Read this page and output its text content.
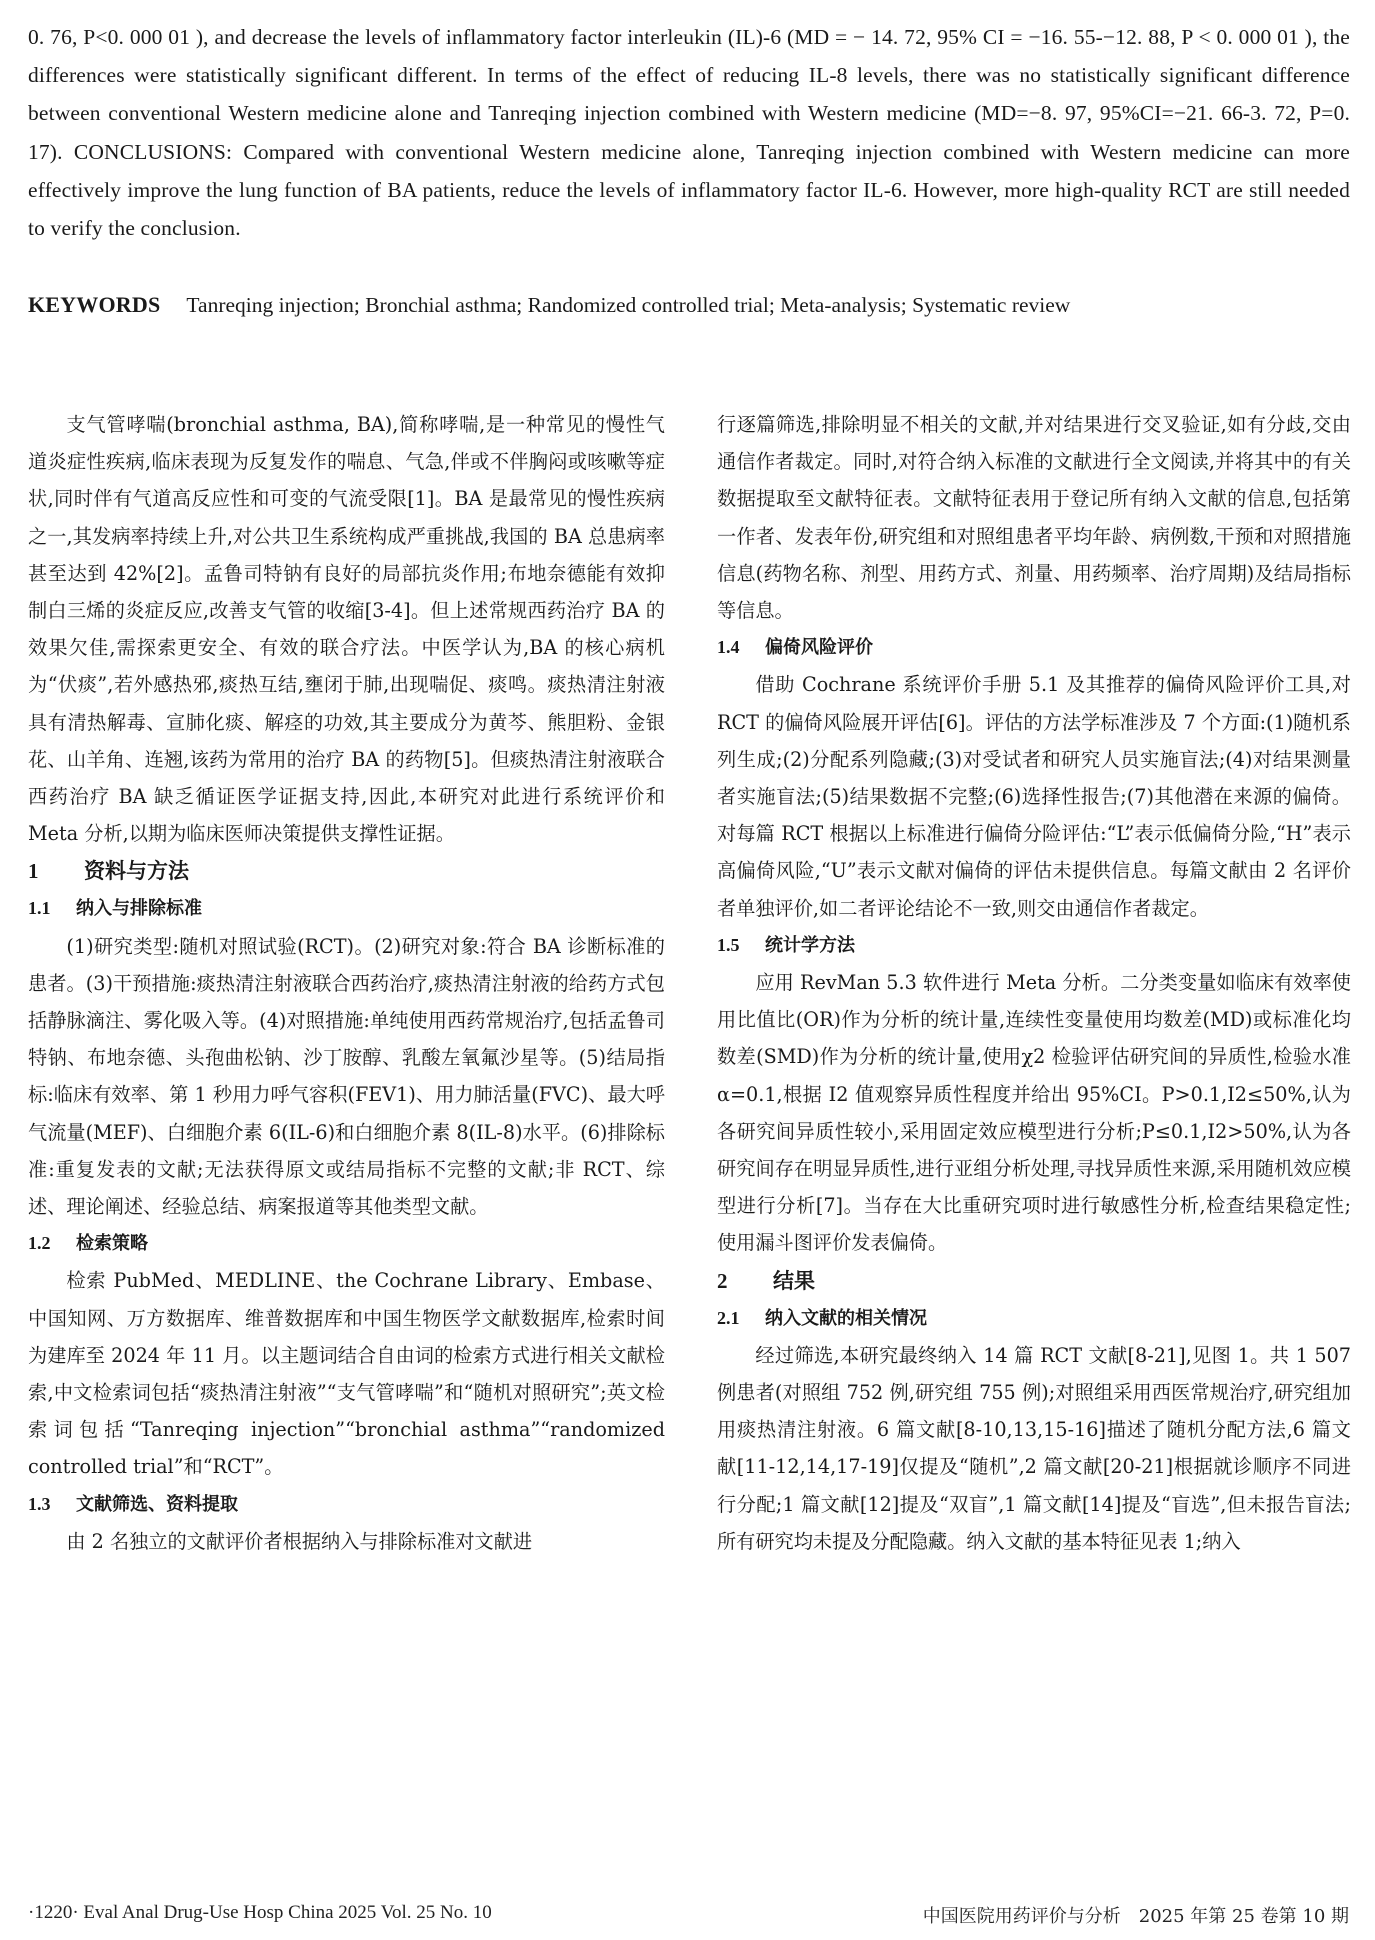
0. 76, P<0. 000 01 ), and decrease the levels of inflammatory factor interleukin (IL)-6 (MD = − 14. 72, 95% CI = −16. 55-−12. 88, P < 0. 000 01 ), the differences were statistically significant different. In terms of the effect of reducing IL-8 levels, there was no statistically significant difference between conventional Western medicine alone and Tanreqing injection combined with Western medicine (MD=−8. 97, 95%CI=−21. 66-3. 72, P=0. 17). CONCLUSIONS: Compared with conventional Western medicine alone, Tanreqing injection combined with Western medicine can more effectively improve the lung function of BA patients, reduce the levels of inflammatory factor IL-6. However, more high-quality RCT are still needed to verify the conclusion.
KEYWORDS Tanreqing injection; Bronchial asthma; Randomized controlled trial; Meta-analysis; Systematic review

支气管哮喘(bronchial asthma, BA),简称哮喘,是一种常见的慢性气道炎症性疾病,临床表现为反复发作的喘息、气急,伴或不伴胸闷或咳嗽等症状,同时伴有气道高反应性和可变的气流受限[1]。BA 是最常见的慢性疾病之一,其发病率持续上升,对公共卫生系统构成严重挑战,我国的 BA 总患病率甚至达到 42%[2]。孟鲁司特钠有良好的局部抗炎作用;布地奈德能有效抑制白三烯的炎症反应,改善支气管的收缩[3-4]。但上述常规西药治疗 BA 的效果欠佳,需探索更安全、有效的联合疗法。中医学认为,BA 的核心病机为“伏痰”,若外感热邪,痰热互结,壅闭于肺,出现喘促、痰鸣。痰热清注射液具有清热解毒、宣肺化痰、解痉的功效,其主要成分为黄芩、熊胆粉、金银花、山羊角、连翘,该药为常用的治疗 BA 的药物[5]。但痰热清注射液联合西药治疗 BA 缺乏循证医学证据支持,因此,本研究对此进行系统评价和 Meta 分析,以期为临床医师决策提供支撑性证据。

1 资料与方法
1.1 纳入与排除标准

(1)研究类型:随机对照试验(RCT)。(2)研究对象:符合 BA 诊断标准的患者。(3)干预措施:痰热清注射液联合西药治疗,痰热清注射液的给药方式包括静脉滴注、雾化吸入等。(4)对照措施:单纯使用西药常规治疗,包括孟鲁司特钠、布地奈德、头孢曲松钠、沙丁胺醇、乳酸左氧氟沙星等。(5)结局指标:临床有效率、第 1 秒用力呼气容积(FEV1)、用力肺活量(FVC)、最大呼气流量(MEF)、白细胞介素 6(IL-6)和白细胞介素 8(IL-8)水平。(6)排除标准:重复发表的文献;无法获得原文或结局指标不完整的文献;非 RCT、综述、理论阐述、经验总结、病案报道等其他类型文献。

1.2 检索策略

检索 PubMed、MEDLINE、the Cochrane Library、Embase、中国知网、万方数据库、维普数据库和中国生物医学文献数据库,检索时间为建库至 2024 年 11 月。以主题词结合自由词的检索方式进行相关文献检索,中文检索词包括“痰热清注射液”“支气管哮喘”和“随机对照研究”;英文检索词包括“Tanreqing injection”“bronchial asthma”“randomized controlled trial”和“RCT”。

1.3 文献筛选、资料提取

由 2 名独立的文献评价者根据纳入与排除标准对文献进

行逐篇筛选,排除明显不相关的文献,并对结果进行交叉验证,如有分歧,交由通信作者裁定。同时,对符合纳入标准的文献进行全文阅读,并将其中的有关数据提取至文献特征表。文献特征表用于登记所有纳入文献的信息,包括第一作者、发表年份,研究组和对照组患者平均年龄、病例数,干预和对照措施信息(药物名称、剂型、用药方式、剂量、用药频率、治疗周期)及结局指标等信息。

1.4 偏倚风险评价

借助 Cochrane 系统评价手册 5.1 及其推荐的偏倚风险评价工具,对 RCT 的偏倚风险展开评估[6]。评估的方法学标准涉及 7 个方面:(1)随机系列生成;(2)分配系列隐藏;(3)对受试者和研究人员实施盲法;(4)对结果测量者实施盲法;(5)结果数据不完整;(6)选择性报告;(7)其他潜在来源的偏倚。对每篇 RCT 根据以上标准进行偏倚分险评估:“L”表示低偏倚分险,“H”表示高偏倚风险,“U”表示文献对偏倚的评估未提供信息。每篇文献由 2 名评价者单独评价,如二者评论结论不一致,则交由通信作者裁定。

1.5 统计学方法

应用 RevMan 5.3 软件进行 Meta 分析。二分类变量如临床有效率使用比值比(OR)作为分析的统计量,连续性变量使用均数差(MD)或标准化均数差(SMD)作为分析的统计量,使用χ2 检验评估研究间的异质性,检验水准 α=0.1,根据 I2 值观察异质性程度并给出 95%CI。P>0.1,I2≤50%,认为各研究间异质性较小,采用固定效应模型进行分析;P≤0.1,I2>50%,认为各研究间存在明显异质性,进行亚组分析处理,寻找异质性来源,采用随机效应模型进行分析[7]。当存在大比重研究项时进行敏感性分析,检查结果稳定性;使用漏斗图评价发表偏倚。

2 结果
2.1 纳入文献的相关情况

经过筛选,本研究最终纳入 14 篇 RCT 文献[8-21],见图 1。共 1 507 例患者(对照组 752 例,研究组 755 例);对照组采用西医常规治疗,研究组加用痰热清注射液。6 篇文献[8-10,13,15-16]描述了随机分配方法,6 篇文献[11-12,14,17-19]仅提及“随机”,2 篇文献[20-21]根据就诊顺序不同进行分配;1 篇文献[12]提及“双盲”,1 篇文献[14]提及“盲选”,但未报告盲法;所有研究均未提及分配隐藏。纳入文献的基本特征见表 1;纳入

·1220· Eval Anal Drug-Use Hosp China 2025 Vol. 25 No. 10	中国医院用药评价与分析　2025 年第 25 卷第 10 期
